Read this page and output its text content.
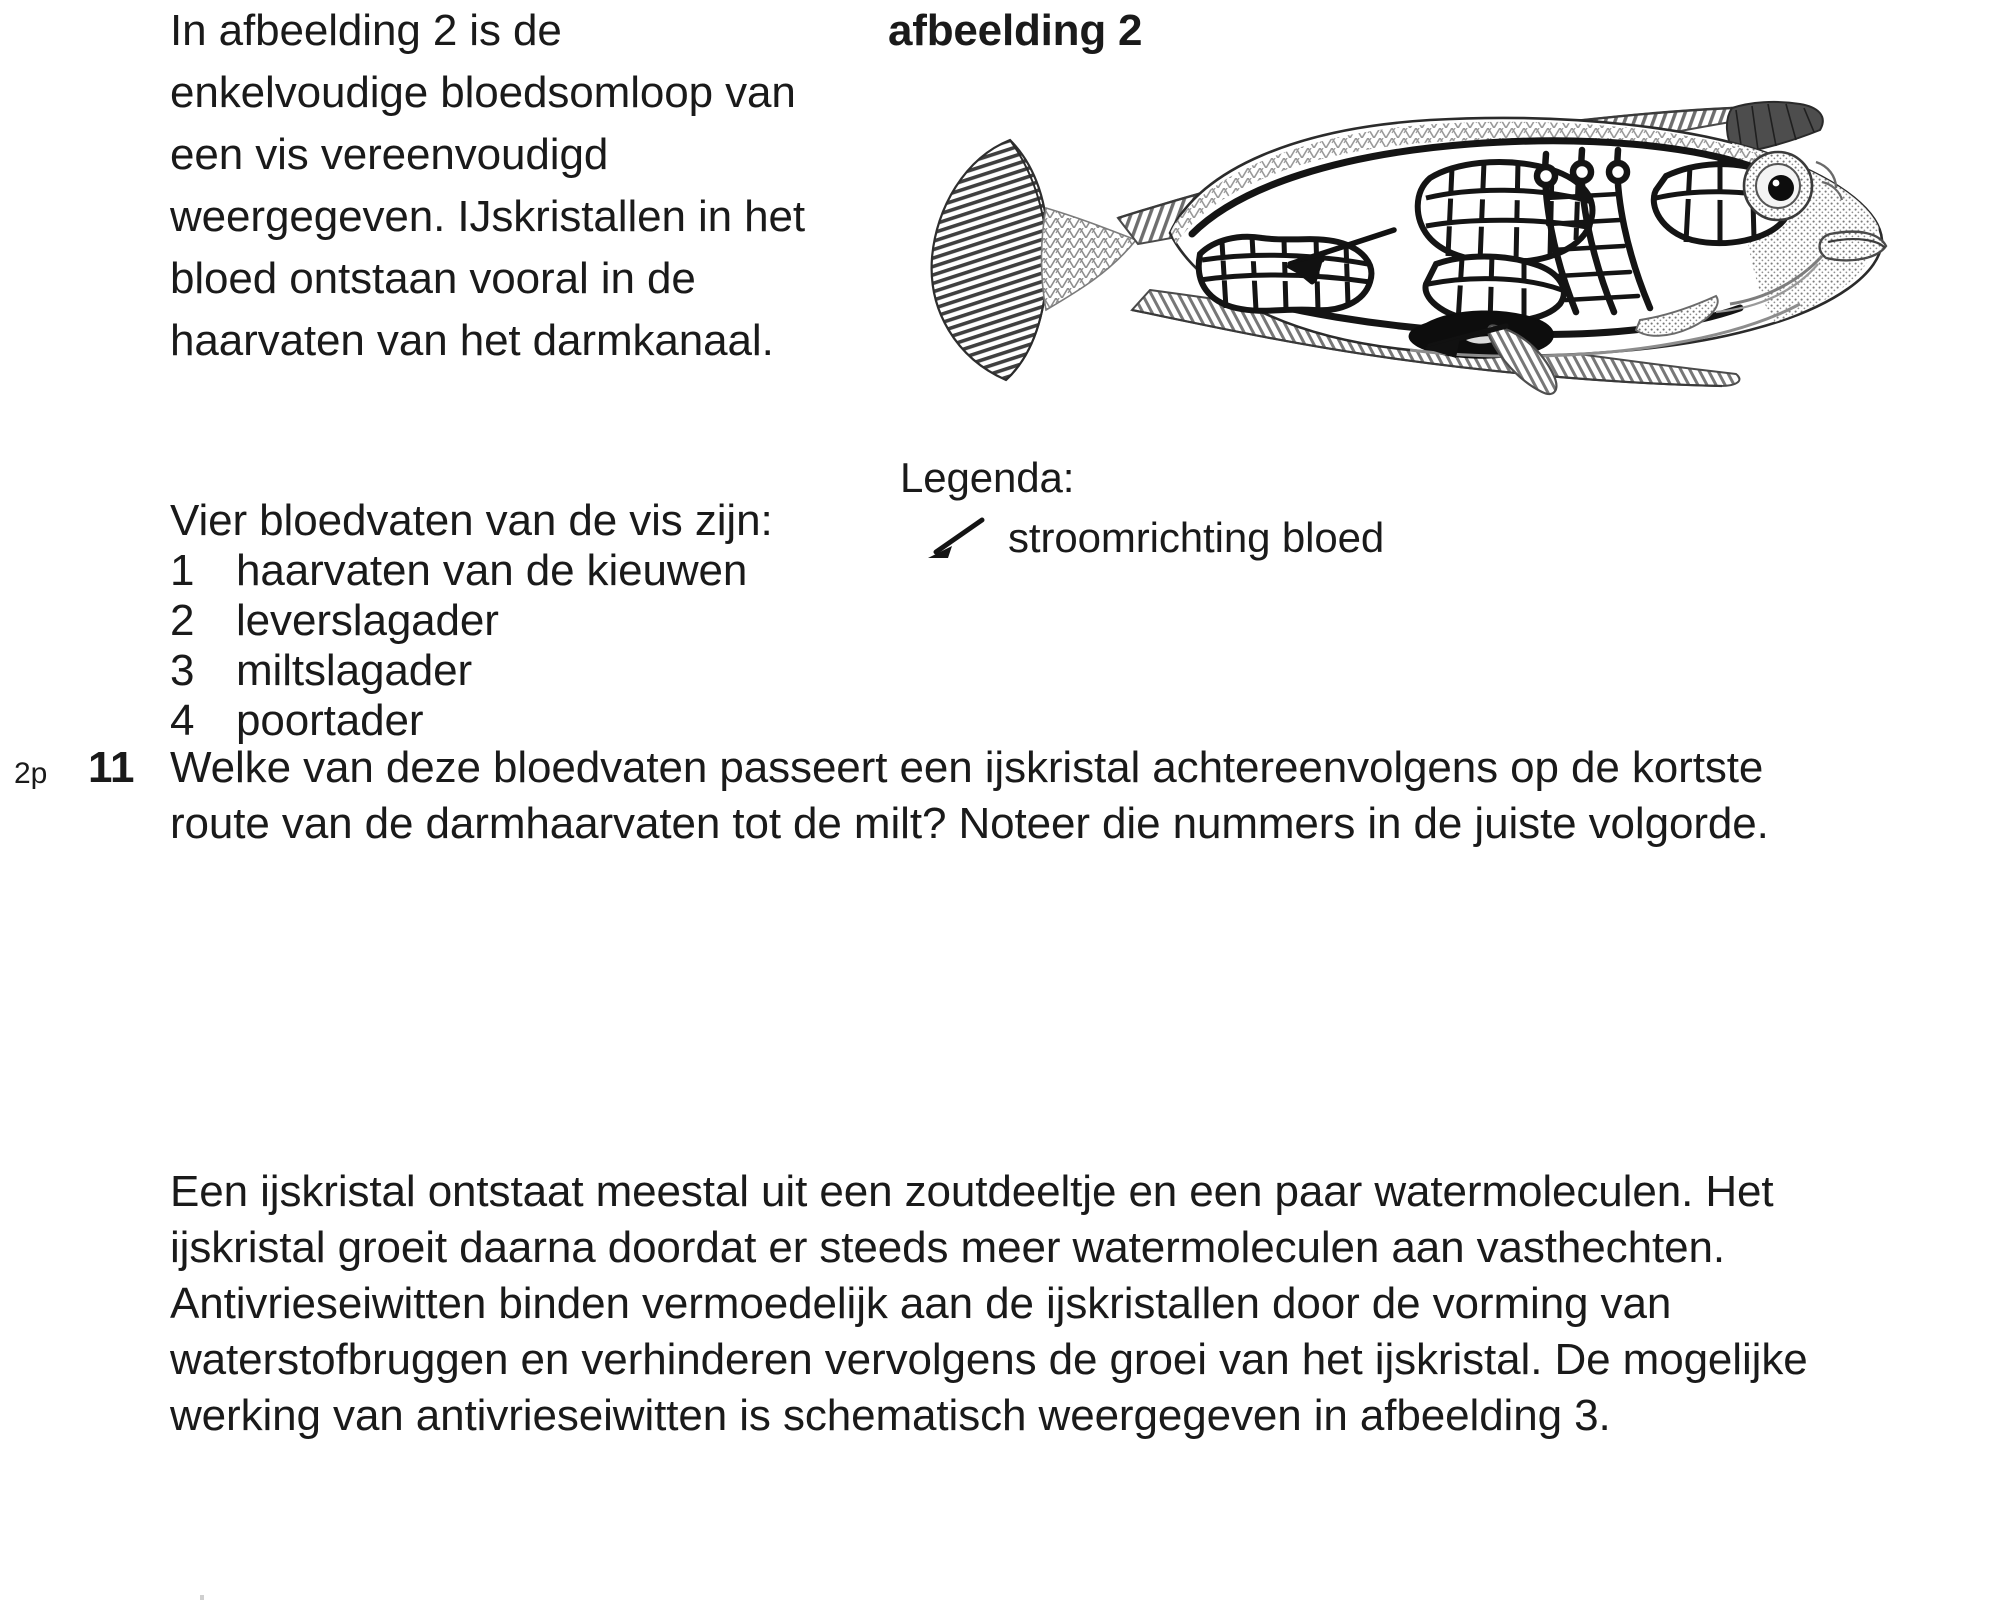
In afbeelding 2 is de enkelvoudige bloedsomloop van een vis vereenvoudigd weergegeven. IJskristallen in het bloed ontstaan vooral in de haarvaten van het darmkanaal.
afbeelding 2
Legenda:
stroomrichting bloed
Vier bloedvaten van de vis zijn:
1 haarvaten van de kieuwen
2 leverslagader
3 miltslagader
4 poortader
2p 11 Welke van deze bloedvaten passeert een ijskristal achtereenvolgens op de kortste route van de darmhaarvaten tot de milt? Noteer die nummers in de juiste volgorde.
Een ijskristal ontstaat meestal uit een zoutdeeltje en een paar watermoleculen. Het ijskristal groeit daarna doordat er steeds meer watermoleculen aan vasthechten. Antivrieseiwitten binden vermoedelijk aan de ijskristallen door de vorming van waterstofbruggen en verhinderen vervolgens de groei van het ijskristal. De mogelijke werking van antivrieseiwitten is schematisch weergegeven in afbeelding 3.
